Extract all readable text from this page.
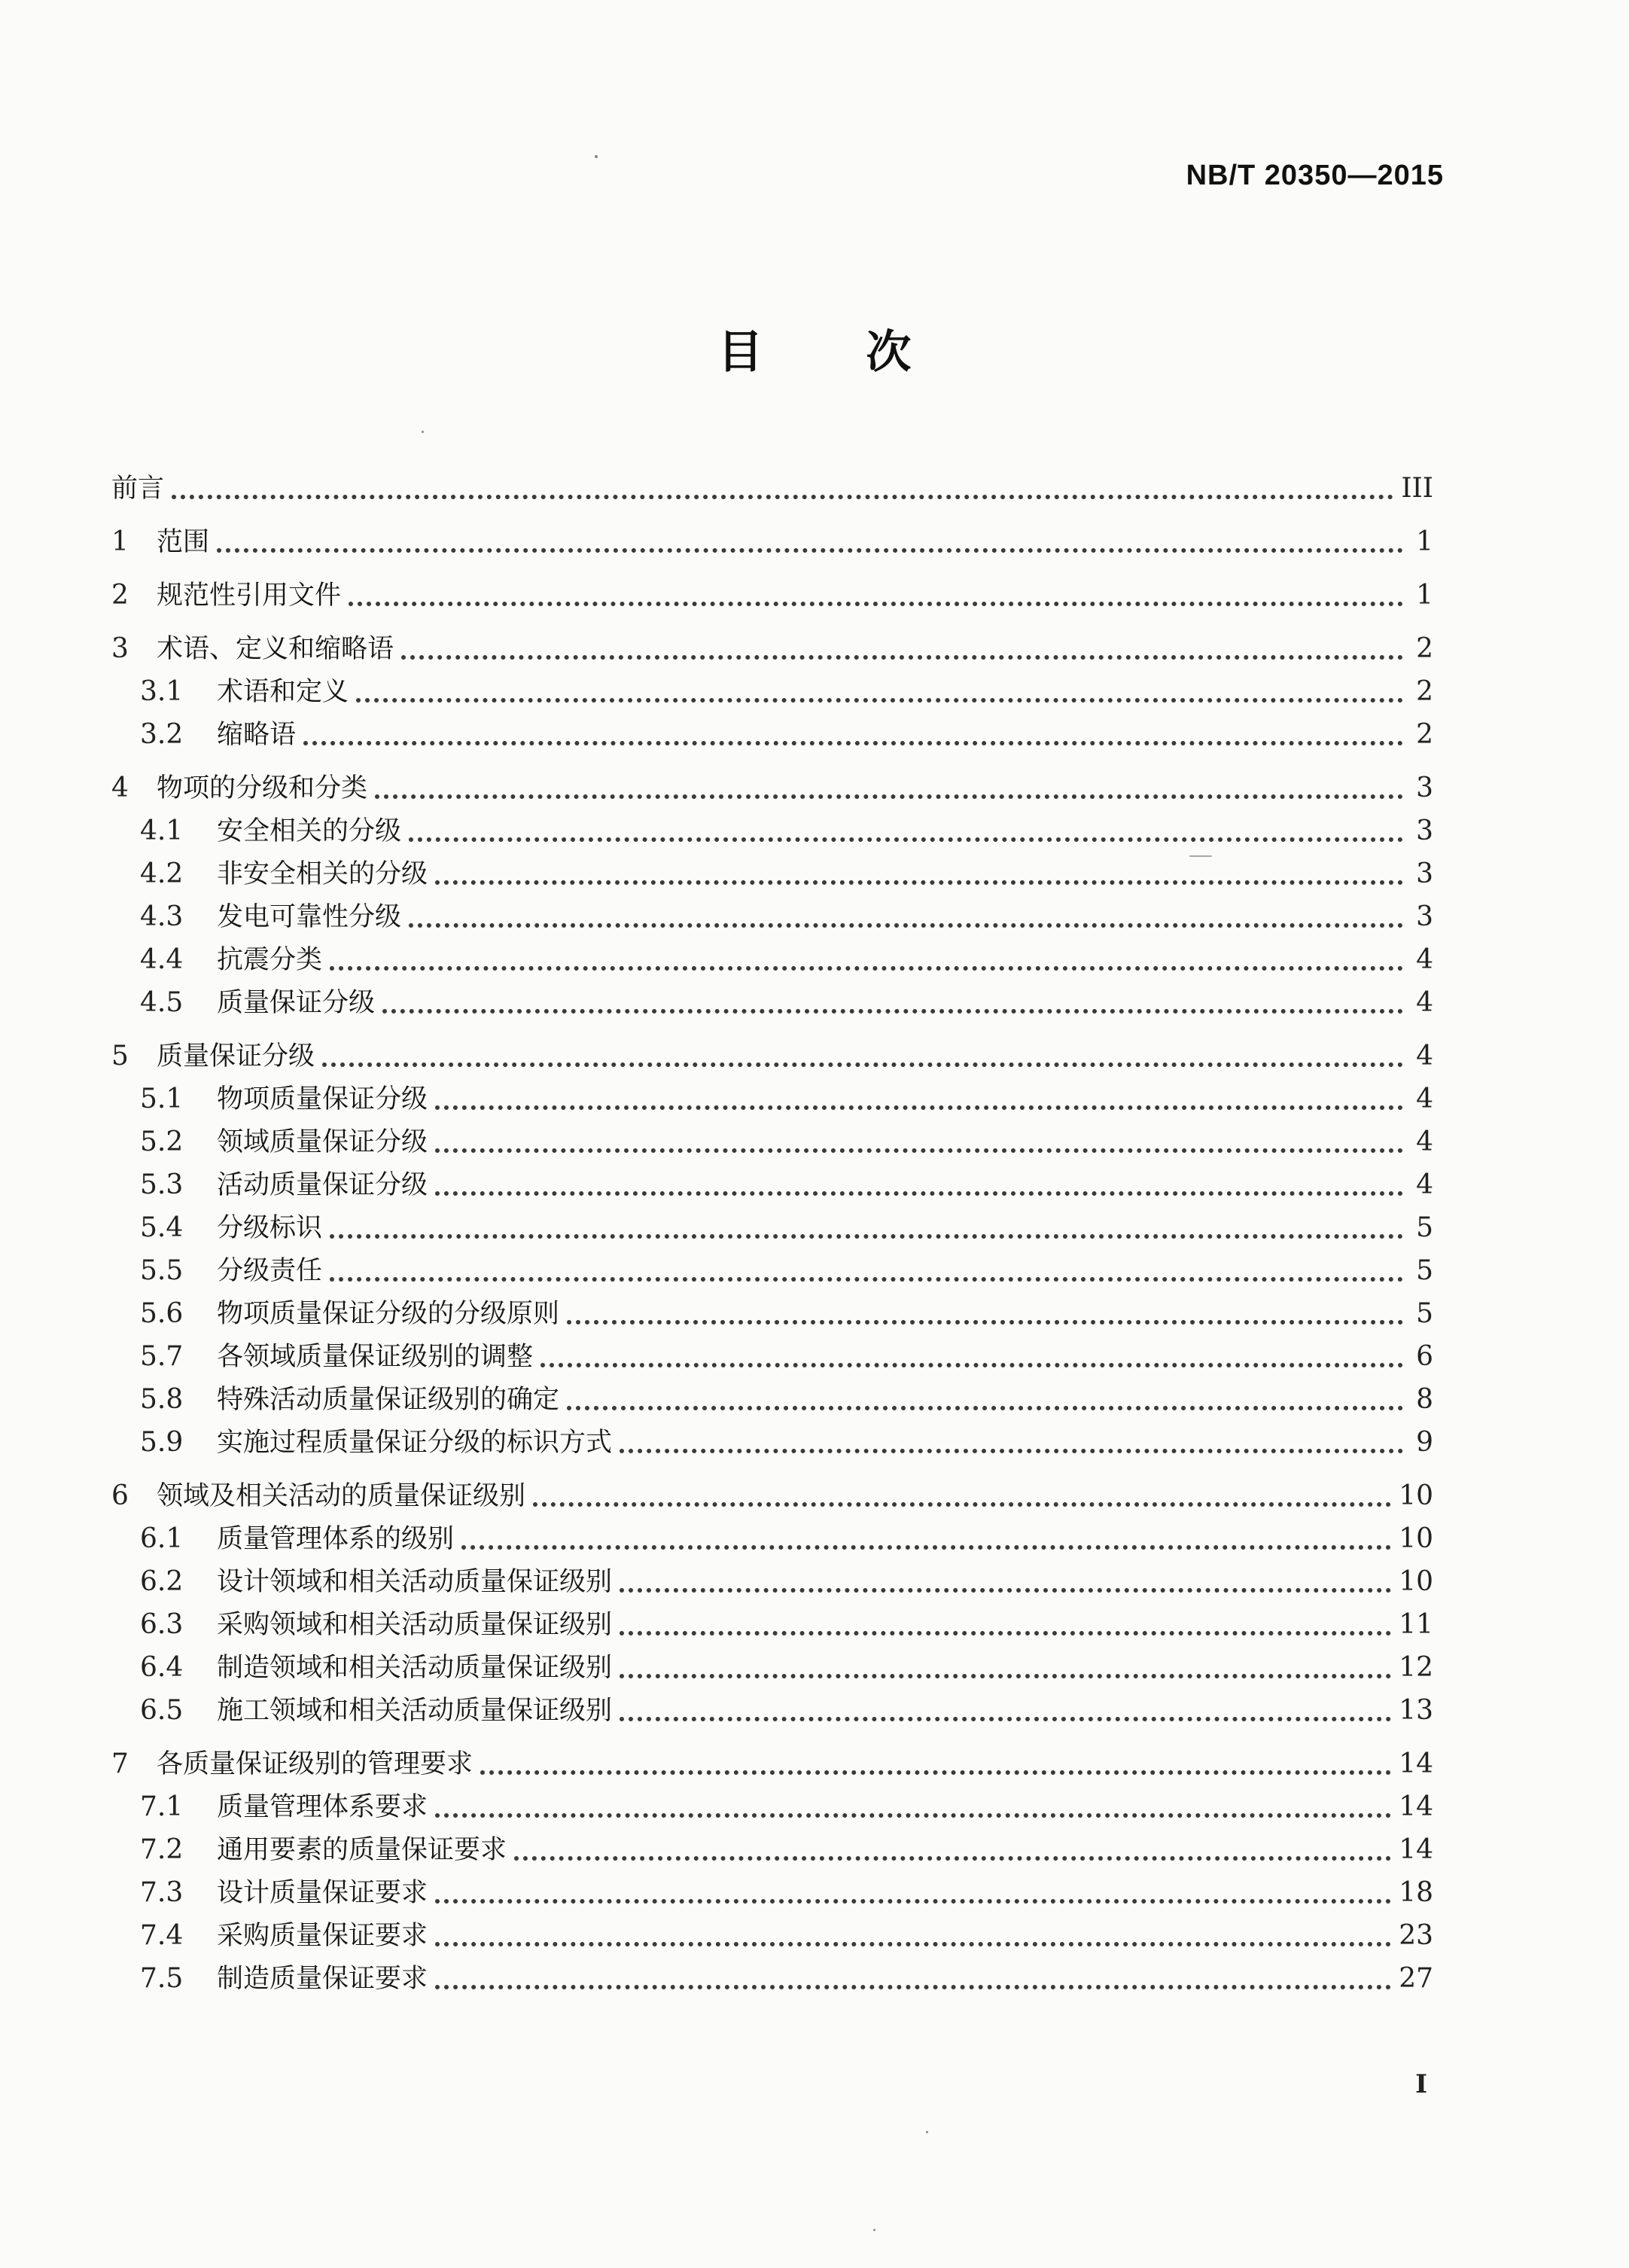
NB/T 20350—2015
目 次
前言	III
1	范围	1
2	规范性引用文件	1
3	术语、定义和缩略语	2
3.1	术语和定义	2
3.2	缩略语	2
4	物项的分级和分类	3
4.1	安全相关的分级	3
4.2	非安全相关的分级	3
4.3	发电可靠性分级	3
4.4	抗震分类	4
4.5	质量保证分级	4
5	质量保证分级	4
5.1	物项质量保证分级	4
5.2	领域质量保证分级	4
5.3	活动质量保证分级	4
5.4	分级标识	5
5.5	分级责任	5
5.6	物项质量保证分级的分级原则	5
5.7	各领域质量保证级别的调整	6
5.8	特殊活动质量保证级别的确定	8
5.9	实施过程质量保证分级的标识方式	9
6	领域及相关活动的质量保证级别	10
6.1	质量管理体系的级别	10
6.2	设计领域和相关活动质量保证级别	10
6.3	采购领域和相关活动质量保证级别	11
6.4	制造领域和相关活动质量保证级别	12
6.5	施工领域和相关活动质量保证级别	13
7	各质量保证级别的管理要求	14
7.1	质量管理体系要求	14
7.2	通用要素的质量保证要求	14
7.3	设计质量保证要求	18
7.4	采购质量保证要求	23
7.5	制造质量保证要求	27
I
